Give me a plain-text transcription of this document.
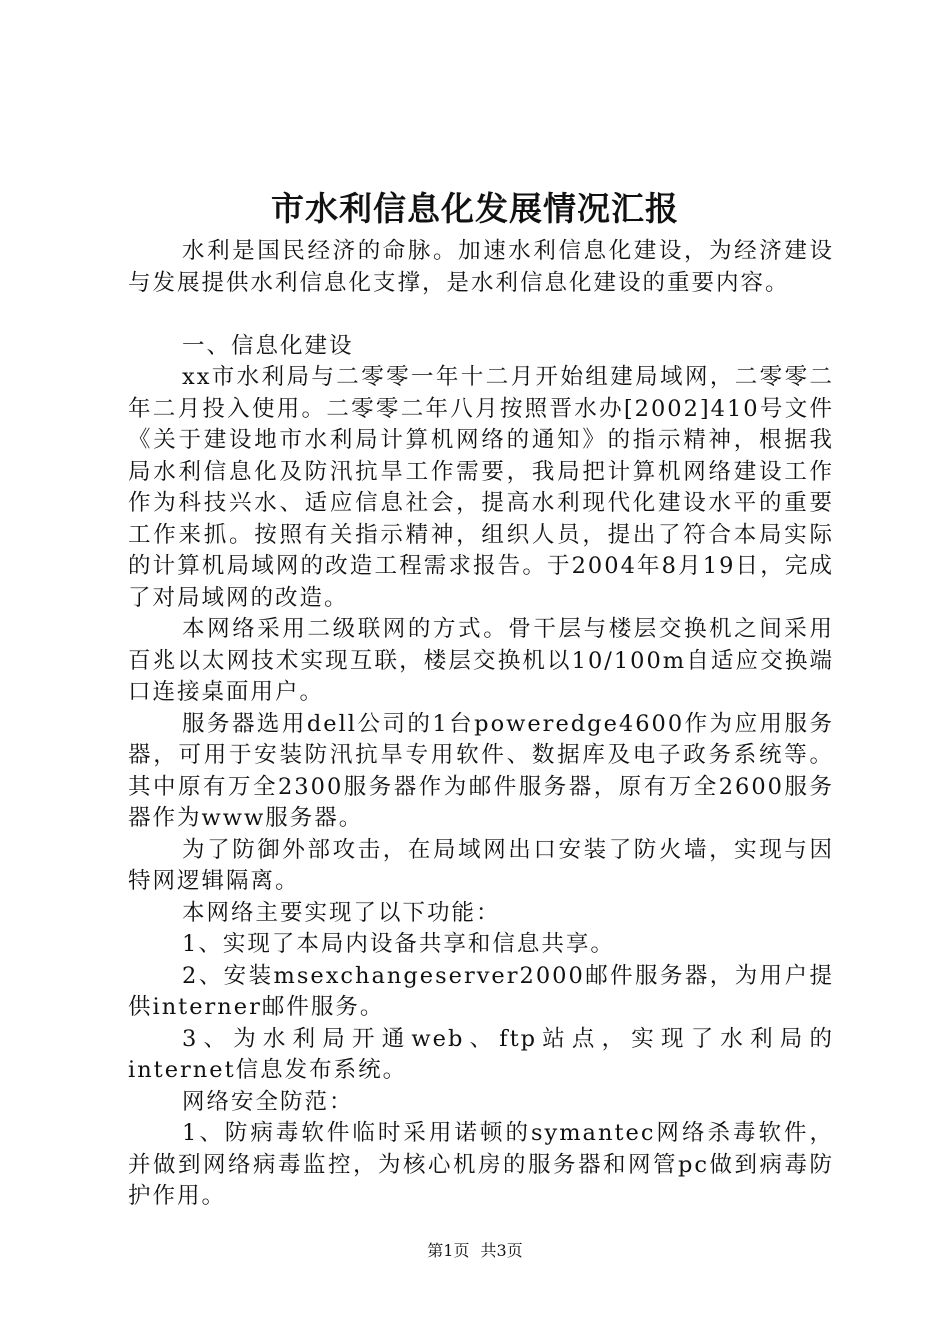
市水利信息化发展情况汇报

水利是国民经济的命脉。加速水利信息化建设，为经济建设与发展提供水利信息化支撑，是水利信息化建设的重要内容。

一、信息化建设

xx市水利局与二零零一年十二月开始组建局域网，二零零二年二月投入使用。二零零二年八月按照晋水办[2002]410号文件《关于建设地市水利局计算机网络的通知》的指示精神，根据我局水利信息化及防汛抗旱工作需要，我局把计算机网络建设工作作为科技兴水、适应信息社会，提高水利现代化建设水平的重要工作来抓。按照有关指示精神，组织人员，提出了符合本局实际的计算机局域网的改造工程需求报告。于2004年8月19日，完成了对局域网的改造。

本网络采用二级联网的方式。骨干层与楼层交换机之间采用百兆以太网技术实现互联，楼层交换机以10/100m自适应交换端口连接桌面用户。

服务器选用dell公司的1台poweredge4600作为应用服务器，可用于安装防汛抗旱专用软件、数据库及电子政务系统等。其中原有万全2300服务器作为邮件服务器，原有万全2600服务器作为www服务器。

为了防御外部攻击，在局域网出口安装了防火墙，实现与因特网逻辑隔离。

本网络主要实现了以下功能：

1、实现了本局内设备共享和信息共享。

2、安装msexchangeserver2000邮件服务器，为用户提供interner邮件服务。

3、为水利局开通web、ftp站点，实现了水利局的internet信息发布系统。

网络安全防范：

1、防病毒软件临时采用诺顿的symantec网络杀毒软件，并做到网络病毒监控，为核心机房的服务器和网管pc做到病毒防护作用。

第1页 共3页
